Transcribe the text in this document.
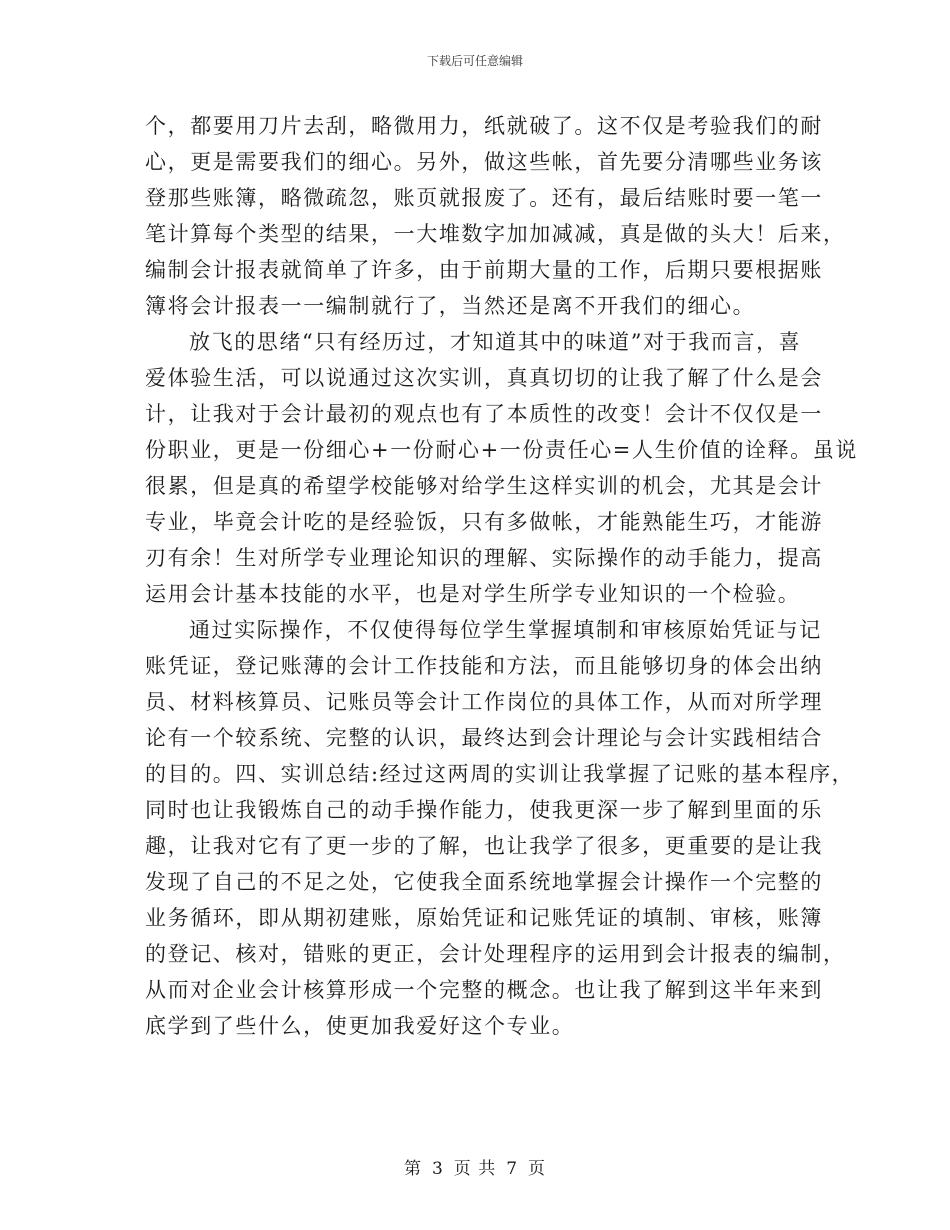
下载后可任意编辑
个，都要用刀片去刮，略微用力，纸就破了。这不仅是考验我们的耐
心，更是需要我们的细心。另外，做这些帐，首先要分清哪些业务该
登那些账簿，略微疏忽，账页就报废了。还有，最后结账时要一笔一
笔计算每个类型的结果，一大堆数字加加减减，真是做的头大！后来，
编制会计报表就简单了许多，由于前期大量的工作，后期只要根据账
簿将会计报表一一编制就行了，当然还是离不开我们的细心。
放飞的思绪“只有经历过，才知道其中的味道”对于我而言，喜
爱体验生活，可以说通过这次实训，真真切切的让我了解了什么是会
计，让我对于会计最初的观点也有了本质性的改变！会计不仅仅是一
份职业，更是一份细心+一份耐心+一份责任心=人生价值的诠释。虽说
很累，但是真的希望学校能够对给学生这样实训的机会，尤其是会计
专业，毕竟会计吃的是经验饭，只有多做帐，才能熟能生巧，才能游
刃有余！生对所学专业理论知识的理解、实际操作的动手能力，提高
运用会计基本技能的水平，也是对学生所学专业知识的一个检验。
通过实际操作，不仅使得每位学生掌握填制和审核原始凭证与记
账凭证，登记账薄的会计工作技能和方法，而且能够切身的体会出纳
员、材料核算员、记账员等会计工作岗位的具体工作，从而对所学理
论有一个较系统、完整的认识，最终达到会计理论与会计实践相结合
的目的。四、实训总结:经过这两周的实训让我掌握了记账的基本程序，
同时也让我锻炼自己的动手操作能力，使我更深一步了解到里面的乐
趣，让我对它有了更一步的了解，也让我学了很多，更重要的是让我
发现了自己的不足之处，它使我全面系统地掌握会计操作一个完整的
业务循环，即从期初建账，原始凭证和记账凭证的填制、审核，账簿
的登记、核对，错账的更正，会计处理程序的运用到会计报表的编制，
从而对企业会计核算形成一个完整的概念。也让我了解到这半年来到
底学到了些什么，使更加我爱好这个专业。
第 3 页 共 7 页
